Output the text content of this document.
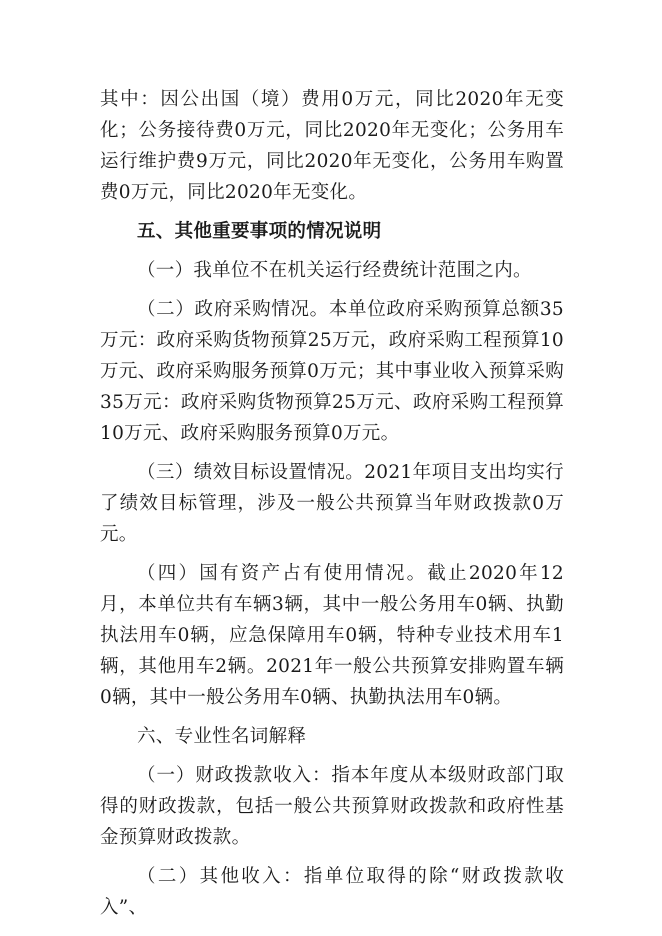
其中：因公出国（境）费用0万元，同比2020年无变化；公务接待费0万元，同比2020年无变化；公务用车运行维护费9万元，同比2020年无变化，公务用车购置费0万元，同比2020年无变化。

五、其他重要事项的情况说明

（一）我单位不在机关运行经费统计范围之内。

（二）政府采购情况。本单位政府采购预算总额35万元：政府采购货物预算25万元，政府采购工程预算10万元、政府采购服务预算0万元；其中事业收入预算采购35万元：政府采购货物预算25万元、政府采购工程预算10万元、政府采购服务预算0万元。

（三）绩效目标设置情况。2021年项目支出均实行了绩效目标管理，涉及一般公共预算当年财政拨款0万元。

（四）国有资产占有使用情况。截止2020年12月，本单位共有车辆3辆，其中一般公务用车0辆、执勤执法用车0辆，应急保障用车0辆，特种专业技术用车1辆，其他用车2辆。2021年一般公共预算安排购置车辆0辆，其中一般公务用车0辆、执勤执法用车0辆。

六、专业性名词解释

（一）财政拨款收入：指本年度从本级财政部门取得的财政拨款，包括一般公共预算财政拨款和政府性基金预算财政拨款。

（二）其他收入：指单位取得的除“财政拨款收入”、
